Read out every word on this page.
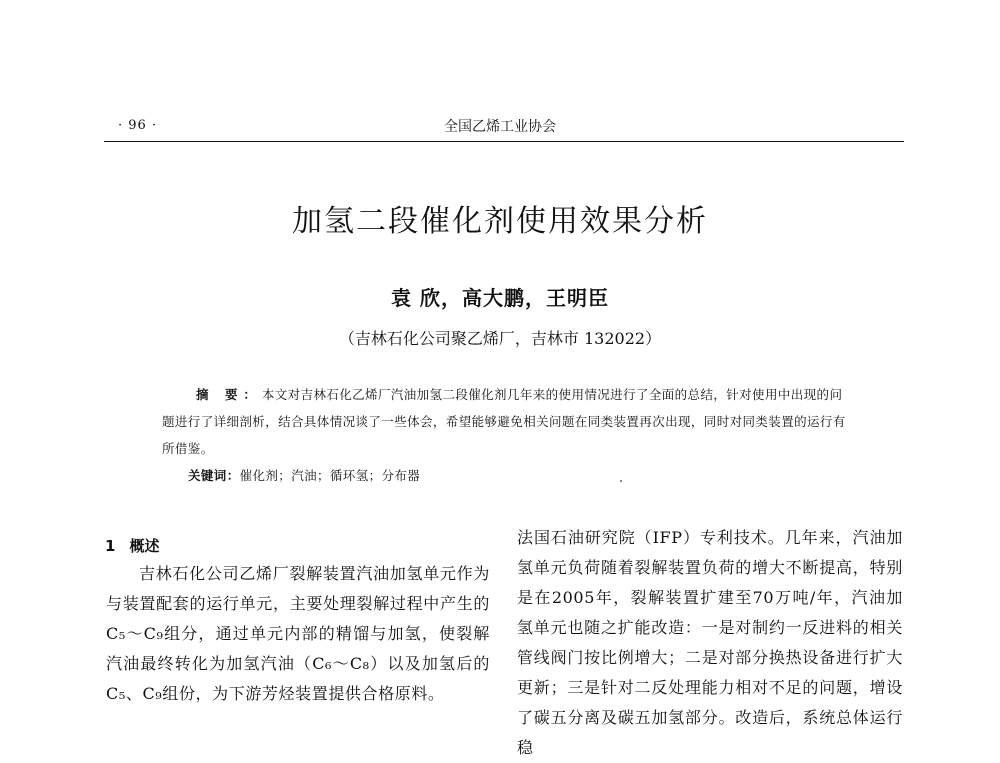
· 96 ·	全国乙烯工业协会
加氢二段催化剂使用效果分析
袁 欣，高大鹏，王明臣
（吉林石化公司聚乙烯厂，吉林市 132022）

摘 要：本文对吉林石化乙烯厂汽油加氢二段催化剂几年来的使用情况进行了全面的总结，针对使用中出现的问题进行了详细剖析，结合具体情况谈了一些体会，希望能够避免相关问题在同类装置再次出现，同时对同类装置的运行有所借鉴。

关键词：催化剂；汽油；循环氢；分布器
1 概述

吉林石化公司乙烯厂裂解装置汽油加氢单元作为与装置配套的运行单元，主要处理裂解过程中产生的C₅～C₉组分，通过单元内部的精馏与加氢，使裂解汽油最终转化为加氢汽油（C₆～C₈）以及加氢后的C₅、C₉组份，为下游芳烃装置提供合格原料。

法国石油研究院（IFP）专利技术。几年来，汽油加氢单元负荷随着裂解装置负荷的增大不断提高，特别是在2005年，裂解装置扩建至70万吨/年，汽油加氢单元也随之扩能改造：一是对制约一反进料的相关管线阀门按比例增大；二是对部分换热设备进行扩大更新；三是针对二反处理能力相对不足的问题，增设了碳五分离及碳五加氢部分。改造后，系统总体运行稳
